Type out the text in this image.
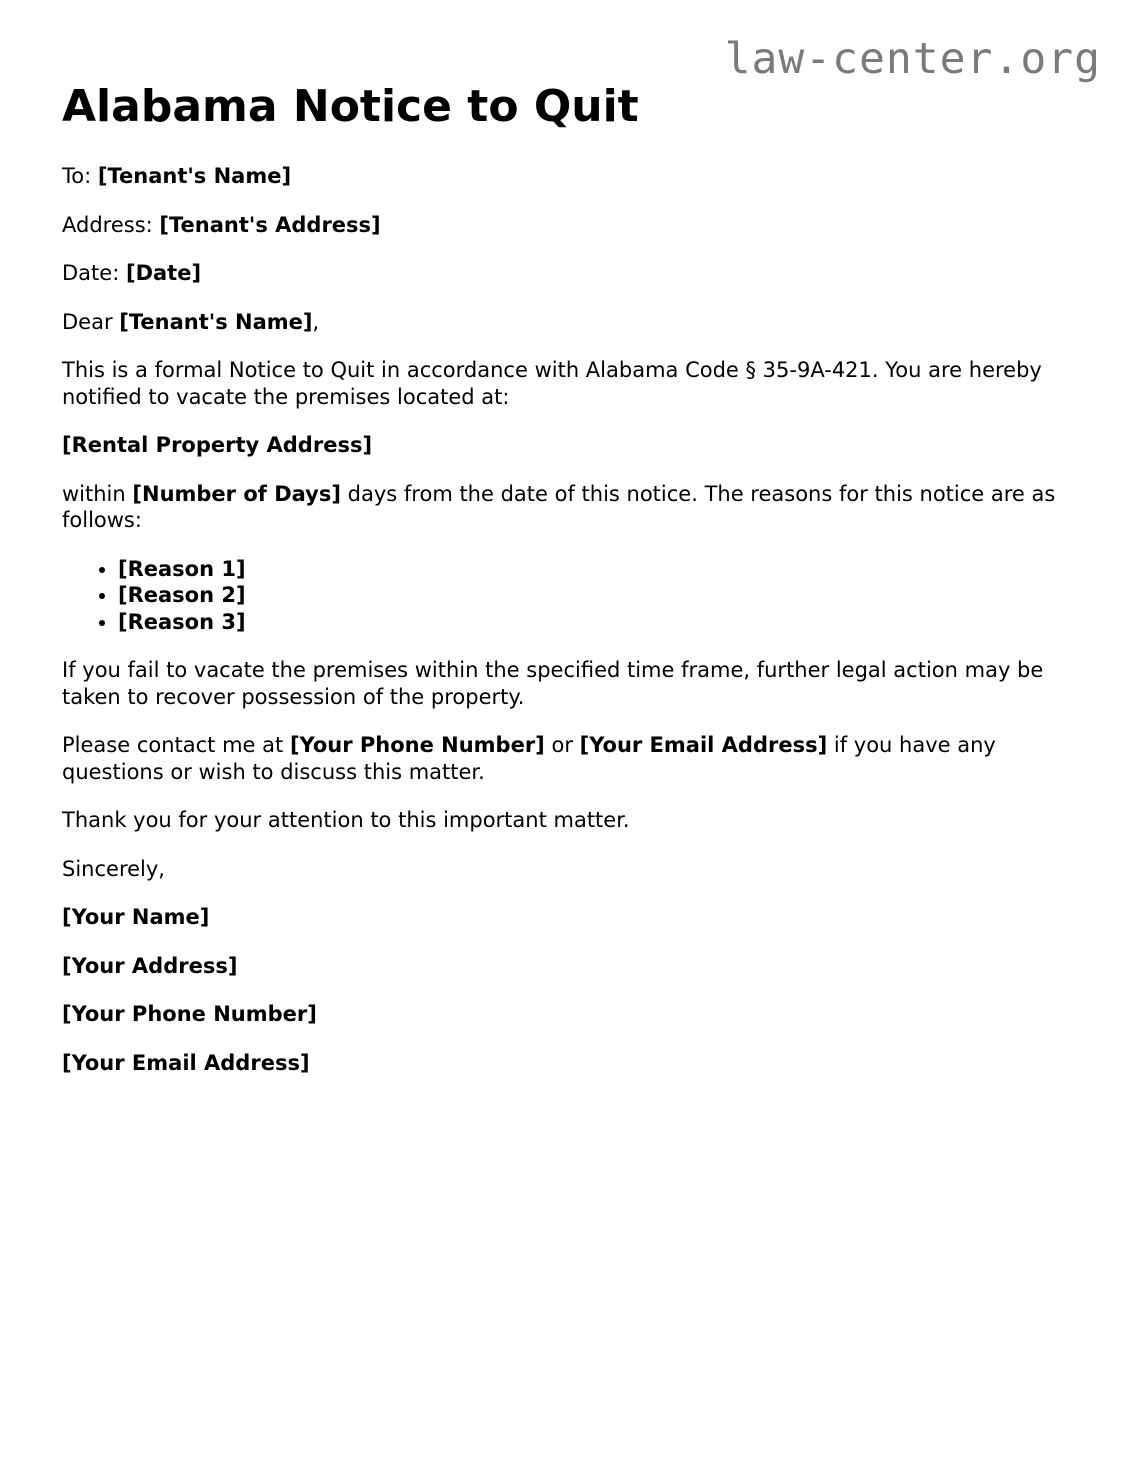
law-center.org
Alabama Notice to Quit

To: [Tenant's Name]

Address: [Tenant's Address]

Date: [Date]

Dear [Tenant's Name],

This is a formal Notice to Quit in accordance with Alabama Code § 35-9A-421. You are hereby notified to vacate the premises located at:

[Rental Property Address]

within [Number of Days] days from the date of this notice. The reasons for this notice are as follows:

• [Reason 1]
• [Reason 2]
• [Reason 3]

If you fail to vacate the premises within the specified time frame, further legal action may be taken to recover possession of the property.

Please contact me at [Your Phone Number] or [Your Email Address] if you have any questions or wish to discuss this matter.

Thank you for your attention to this important matter.

Sincerely,

[Your Name]

[Your Address]

[Your Phone Number]

[Your Email Address]
